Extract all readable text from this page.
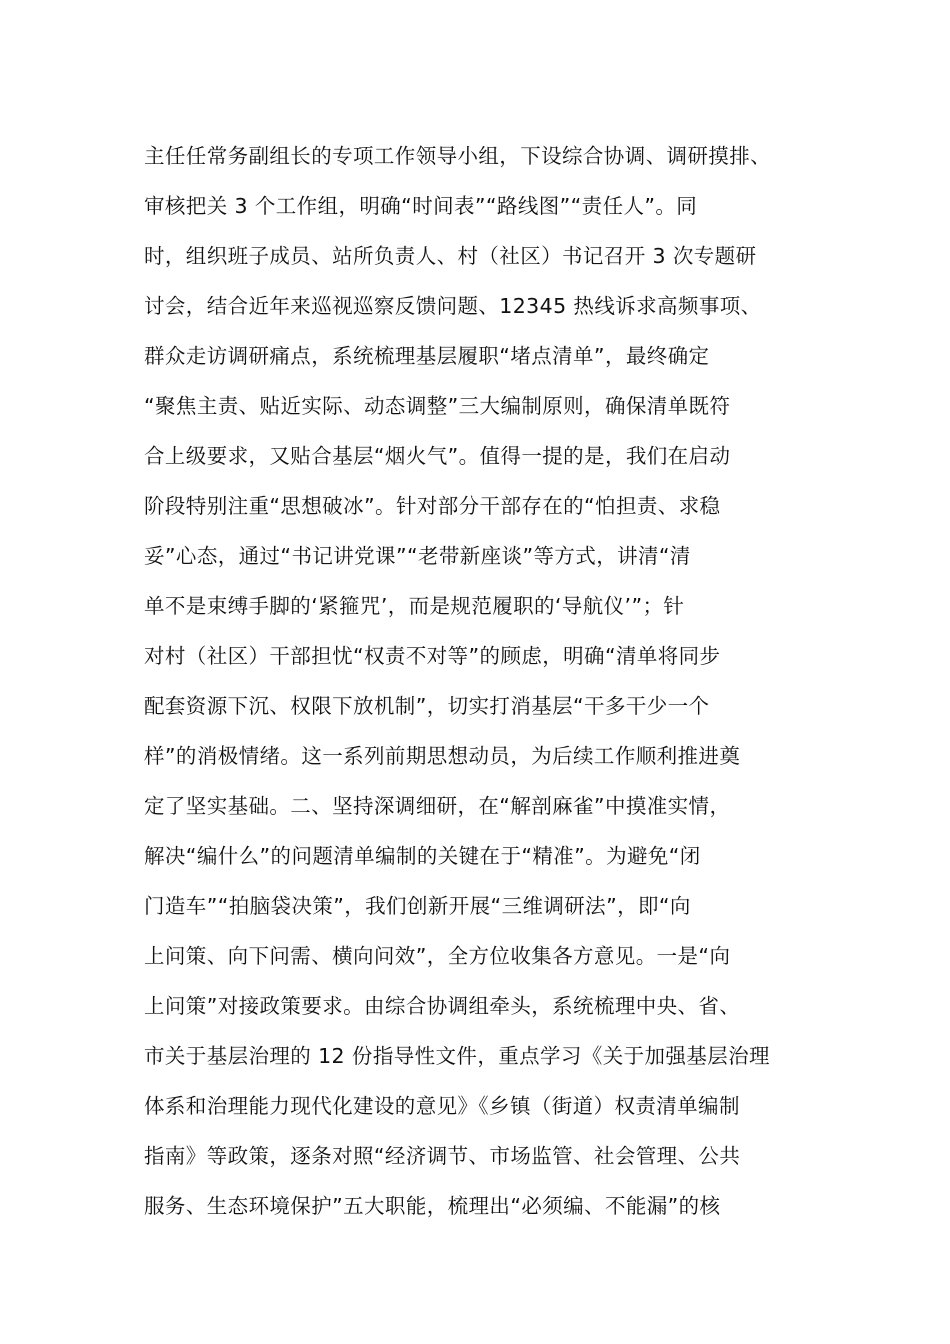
主任任常务副组长的专项工作领导小组，下设综合协调、调研摸排、
审核把关 3 个工作组，明确“时间表”“路线图”“责任人”。同
时，组织班子成员、站所负责人、村（社区）书记召开 3 次专题研
讨会，结合近年来巡视巡察反馈问题、12345 热线诉求高频事项、
群众走访调研痛点，系统梳理基层履职“堵点清单”，最终确定
“聚焦主责、贴近实际、动态调整”三大编制原则，确保清单既符
合上级要求，又贴合基层“烟火气”。值得一提的是，我们在启动
阶段特别注重“思想破冰”。针对部分干部存在的“怕担责、求稳
妥”心态，通过“书记讲党课”“老带新座谈”等方式，讲清“清
单不是束缚手脚的‘紧箍咒’，而是规范履职的‘导航仪’”；针
对村（社区）干部担忧“权责不对等”的顾虑，明确“清单将同步
配套资源下沉、权限下放机制”，切实打消基层“干多干少一个
样”的消极情绪。这一系列前期思想动员，为后续工作顺利推进奠
定了坚实基础。二、坚持深调细研，在“解剖麻雀”中摸准实情，
解决“编什么”的问题清单编制的关键在于“精准”。为避免“闭
门造车”“拍脑袋决策”，我们创新开展“三维调研法”，即“向
上问策、向下问需、横向问效”，全方位收集各方意见。一是“向
上问策”对接政策要求。由综合协调组牵头，系统梳理中央、省、
市关于基层治理的 12 份指导性文件，重点学习《关于加强基层治理
体系和治理能力现代化建设的意见》《乡镇（街道）权责清单编制
指南》等政策，逐条对照“经济调节、市场监管、社会管理、公共
服务、生态环境保护”五大职能，梳理出“必须编、不能漏”的核
